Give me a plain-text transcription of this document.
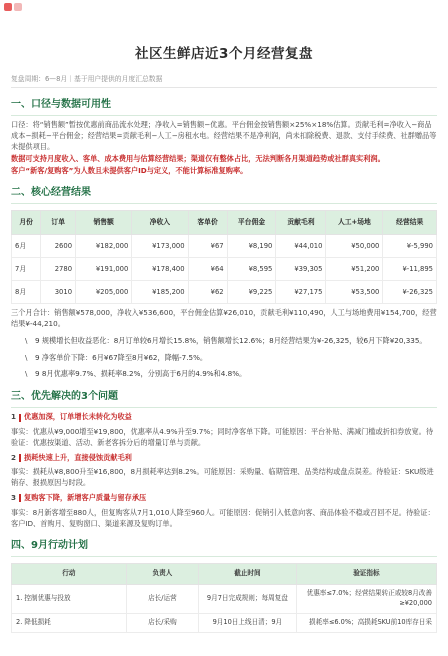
社区生鲜店近3个月经营复盘
复盘周期：6—8月｜基于用户提供的月度汇总数据
一、口径与数据可用性

口径：将“销售额”暂按优惠前商品流水处理；净收入=销售额−优惠。平台佣金按销售额×25%×18%估算。贡献毛利=净收入−商品成本−损耗−平台佣金；经营结果=贡献毛利−人工−房租水电。经营结果不是净利润，尚未扣除税费、退款、支付手续费、社群赠品等未提供项目。

数据可支持月度收入、客单、成本费用与估算经营结果；渠道仅有整体占比，无法判断各月渠道趋势或社群真实利润。

客户“新客/复购客”为人数且未提供客户ID与定义，不能计算标准复购率。

二、核心经营结果
月份	订单	销售额	净收入	客单价	平台佣金	贡献毛利	人工+场地	经营结果
6月	2600	¥182,000	¥173,000	¥67	¥8,190	¥44,010	¥50,000	¥-5,990
7月	2780	¥191,000	¥178,400	¥64	¥8,595	¥39,305	¥51,200	¥-11,895
8月	3010	¥205,000	¥185,200	¥62	¥9,225	¥27,175	¥53,500	¥-26,325

三个月合计：销售额¥578,000，净收入¥536,600，平台佣金估算¥26,010，贡献毛利¥110,490，人工与场地费用¥154,700，经营结果¥-44,210。

\	9 规模增长但收益恶化：8月订单较6月增长15.8%，销售额增长12.6%；8月经营结果为¥-26,325，较6月下降¥20,335。
\	9 净客单价下降：6月¥67降至8月¥62，降幅-7.5%。
\	9 8月优惠率9.7%、损耗率8.2%，分别高于6月的4.9%和4.8%。
三、优先解决的3个问题
1 优惠加深，订单增长未转化为收益

事实：优惠从¥9,000增至¥19,800，优惠率从4.9%升至9.7%；同时净客单下降。可能原因：平台补贴、满减门槛或折扣券放宽。待验证：优惠按渠道、活动、新老客拆分后的增量订单与贡献。

2 损耗快速上升，直接侵蚀贡献毛利

事实：损耗从¥8,800升至¥16,800，8月损耗率达到8.2%。可能原因：采购量、临期管理、品类结构或盘点误差。待验证：SKU级进销存、报损原因与时段。

3 复购客下降，新增客户质量与留存承压

事实：8月新客增至880人，但复购客从7月1,010人降至960人。可能原因：促销引入低意向客、商品体验不稳或召回不足。待验证：客户ID、首购月、复购窗口、渠道来源及复购订单。

四、9月行动计划
行动	负责人	截止时间	验证指标
1. 控制优惠与投放	店长/运营	9月7日完成规则；每周复盘	优惠率≤7.0%；经营结果转正或较8月改善≥¥20,000
2. 降低损耗	店长/采购	9月10日上线日清；9月	损耗率≤6.0%；高损耗SKU前10库存日采
